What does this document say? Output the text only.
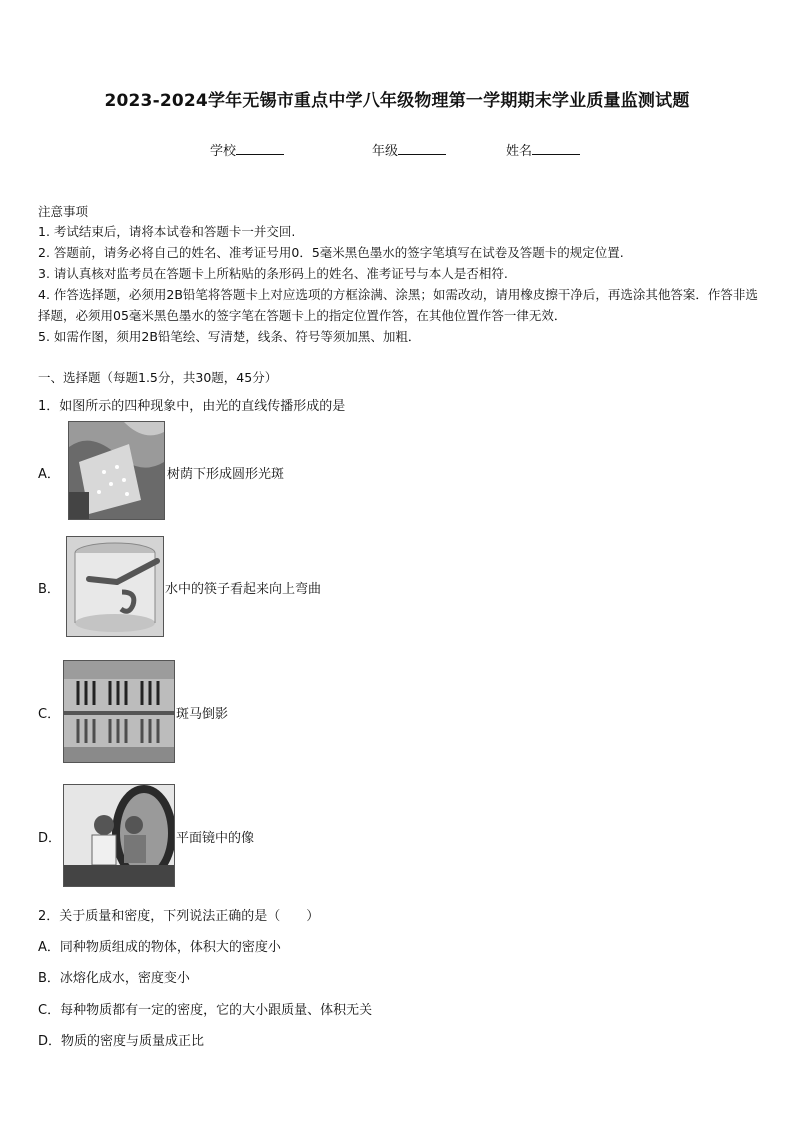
2023-2024学年无锡市重点中学八年级物理第一学期期末学业质量监测试题
学校	年级	姓名
注意事项
1. 考试结束后，请将本试卷和答题卡一并交回.
2. 答题前，请务必将自己的姓名、准考证号用0．5毫米黑色墨水的签字笔填写在试卷及答题卡的规定位置.
3. 请认真核对监考员在答题卡上所粘贴的条形码上的姓名、准考证号与本人是否相符.
4. 作答选择题，必须用2B铅笔将答题卡上对应选项的方框涂满、涂黑；如需改动，请用橡皮擦干净后，再选涂其他答案．作答非选择题，必须用05毫米黑色墨水的签字笔在答题卡上的指定位置作答，在其他位置作答一律无效．
5. 如需作图，须用2B铅笔绘、写清楚，线条、符号等须加黑、加粗．
一、选择题（每题1.5分，共30题，45分）
1．如图所示的四种现象中，由光的直线传播形成的是
A．	树荫下形成圆形光斑
B．	水中的筷子看起来向上弯曲
C．	斑马倒影
D．	平面镜中的像
2．关于质量和密度，下列说法正确的是（　　）
A．同种物质组成的物体，体积大的密度小
B．冰熔化成水，密度变小
C．每种物质都有一定的密度，它的大小跟质量、体积无关
D．物质的密度与质量成正比
